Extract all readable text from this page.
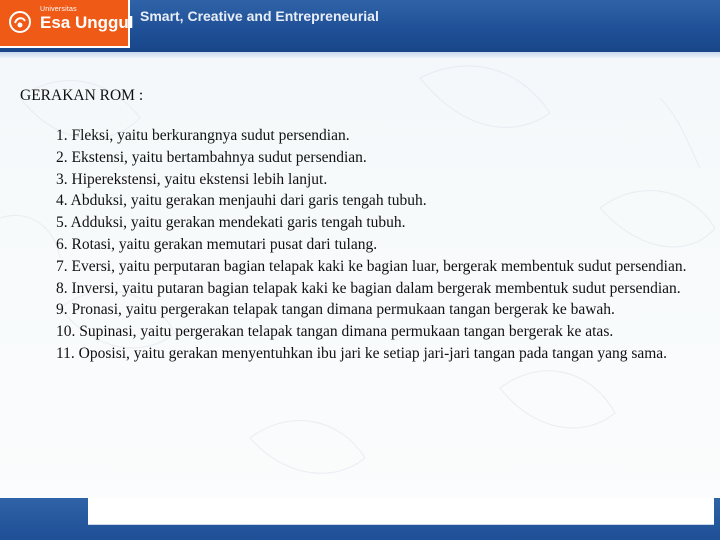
Universitas
Esa Unggul Smart, Creative and Entrepreneurial
GERAKAN ROM :
1. Fleksi, yaitu berkurangnya sudut persendian.
2. Ekstensi, yaitu bertambahnya sudut persendian.
3. Hiperekstensi, yaitu ekstensi lebih lanjut.
4. Abduksi, yaitu gerakan menjauhi dari garis tengah tubuh.
5. Adduksi, yaitu gerakan mendekati garis tengah tubuh.
6. Rotasi, yaitu gerakan memutari pusat dari tulang.
7. Eversi, yaitu perputaran bagian telapak kaki ke bagian luar, bergerak membentuk sudut persendian.
8. Inversi, yaitu putaran bagian telapak kaki ke bagian dalam bergerak membentuk sudut persendian.
9. Pronasi, yaitu pergerakan telapak tangan dimana permukaan tangan bergerak ke bawah.
10. Supinasi, yaitu pergerakan telapak tangan dimana permukaan tangan bergerak ke atas.
11. Oposisi, yaitu gerakan menyentuhkan ibu jari ke setiap jari-jari tangan pada tangan yang sama.
